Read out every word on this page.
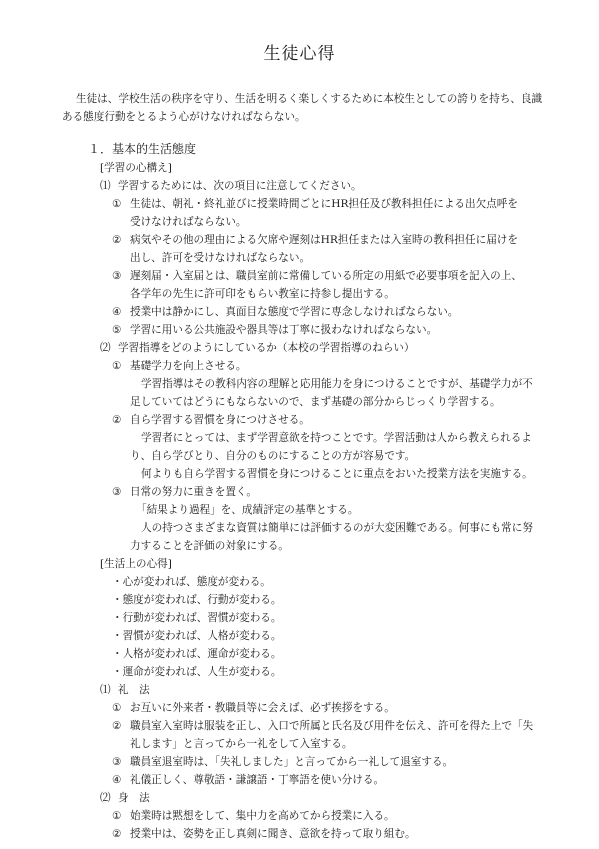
生徒心得
生徒は、学校生活の秩序を守り、生活を明るく楽しくするために本校生としての誇りを持ち、良識ある態度行動をとるよう心がけなければならない。
１．基本的生活態度
[学習の心構え]
⑴ 学習するためには、次の項目に注意してください。
① 生徒は、朝礼・終礼並びに授業時間ごとにHR担任及び教科担任による出欠点呼を
受けなければならない。
② 病気やその他の理由による欠席や遅刻はHR担任または入室時の教科担任に届けを
出し、許可を受けなければならない。
③ 遅刻届・入室届とは、職員室前に常備している所定の用紙で必要事項を記入の上、
各学年の先生に許可印をもらい教室に持参し提出する。
④ 授業中は静かにし、真面目な態度で学習に専念しなければならない。
⑤ 学習に用いる公共施設や器具等は丁寧に扱わなければならない。
⑵ 学習指導をどのようにしているか（本校の学習指導のねらい）
① 基礎学力を向上させる。
学習指導はその教科内容の理解と応用能力を身につけることですが、基礎学力が不
足していてはどうにもならないので、まず基礎の部分からじっくり学習する。
② 自ら学習する習慣を身につけさせる。
学習者にとっては、まず学習意欲を持つことです。学習活動は人から教えられるよ
り、自ら学びとり、自分のものにすることの方が容易です。
何よりも自ら学習する習慣を身につけることに重点をおいた授業方法を実施する。
③ 日常の努力に重きを置く。
「結果より過程」を、成績評定の基準とする。
人の持つさまざまな資質は簡単には評価するのが大変困難である。何事にも常に努
力することを評価の対象にする。
[生活上の心得]
・心が変われば、態度が変わる。
・態度が変われば、行動が変わる。
・行動が変われば、習慣が変わる。
・習慣が変われば、人格が変わる。
・人格が変われば、運命が変わる。
・運命が変われば、人生が変わる。
⑴ 礼　法
① お互いに外来者・教職員等に会えば、必ず挨拶をする。
② 職員室入室時は服装を正し、入口で所属と氏名及び用件を伝え、許可を得た上で「失
礼します」と言ってから一礼をして入室する。
③ 職員室退室時は、「失礼しました」と言ってから一礼して退室する。
④ 礼儀正しく、尊敬語・謙譲語・丁寧語を使い分ける。
⑵ 身　法
① 始業時は黙想をして、集中力を高めてから授業に入る。
② 授業中は、姿勢を正し真剣に聞き、意欲を持って取り組む。
